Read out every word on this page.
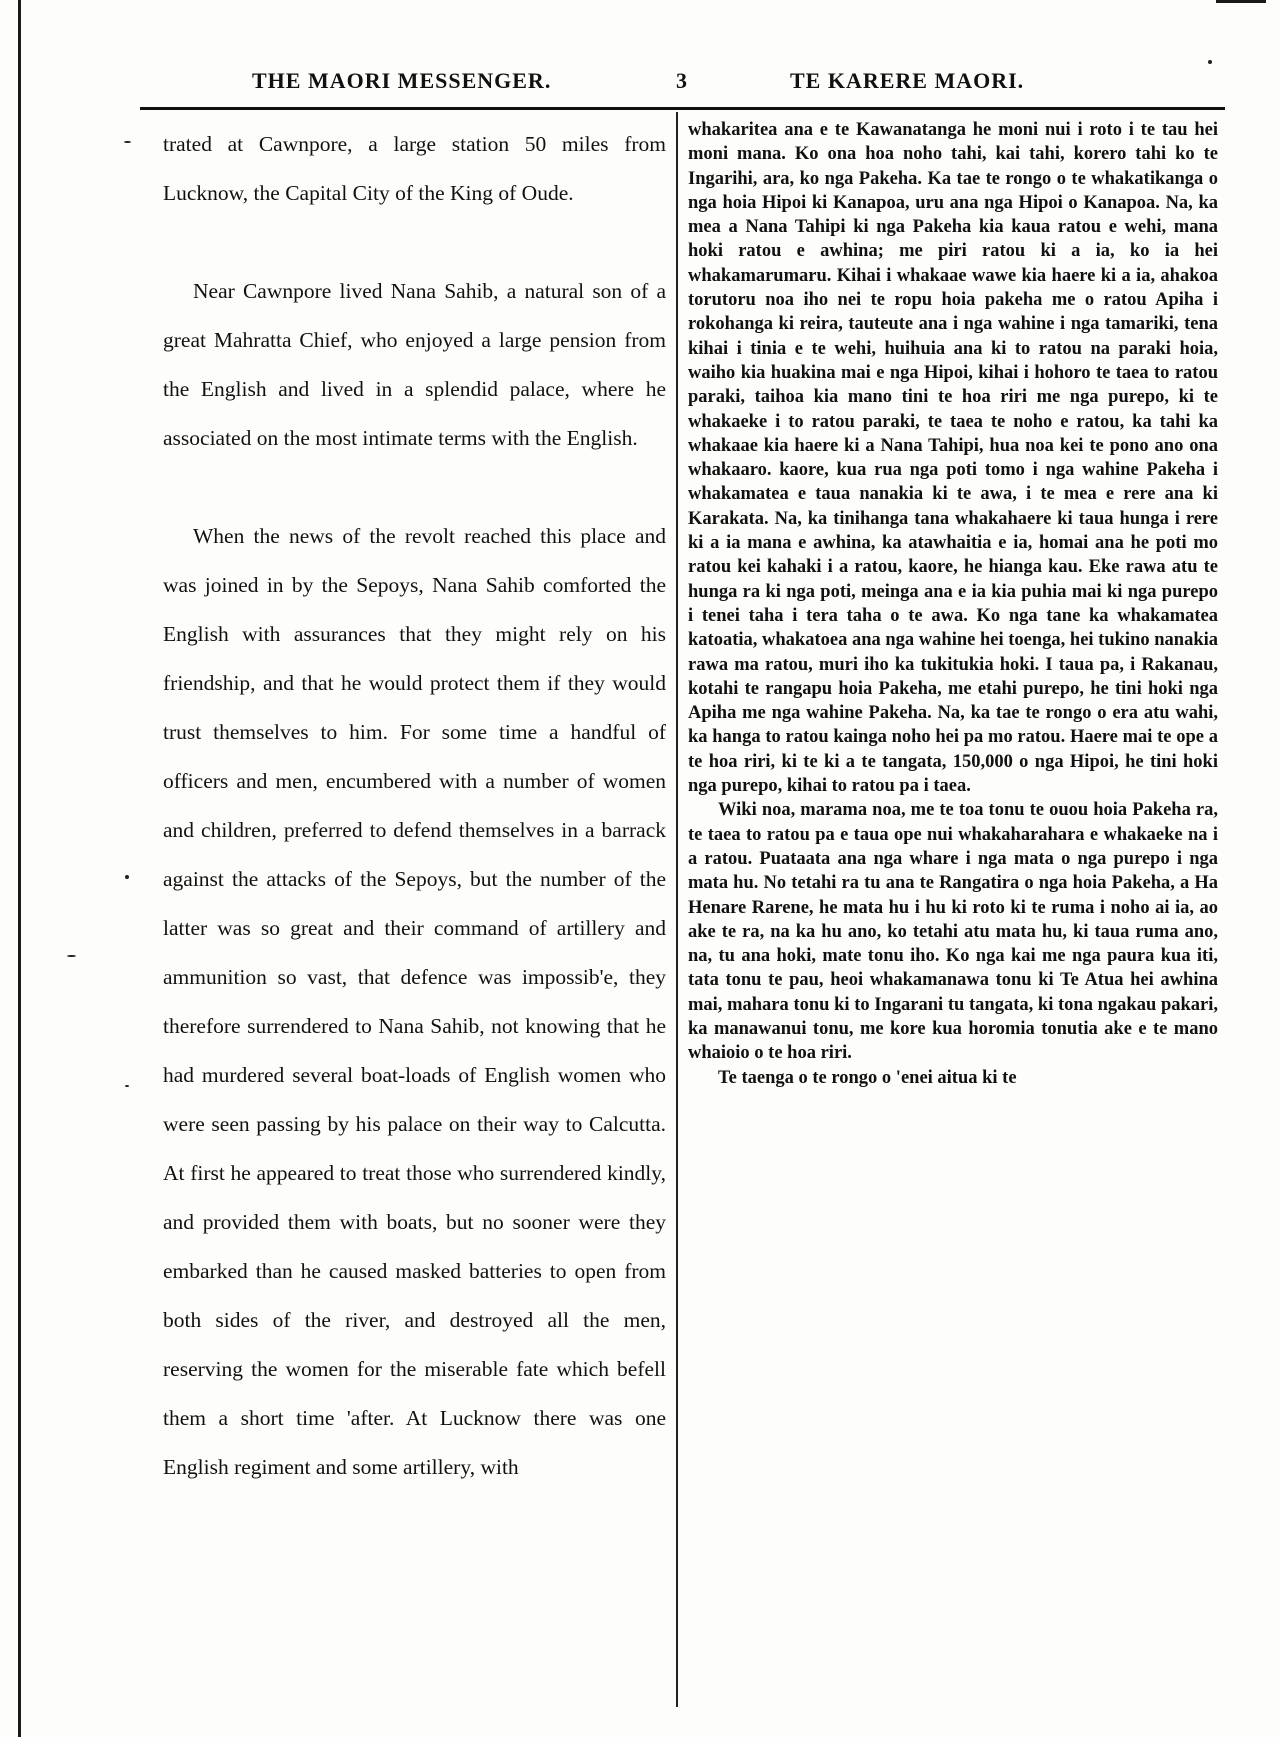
THE MAORI MESSENGER.	3	TE KARERE MAORI.

trated at Cawnpore, a large station 50 miles from Lucknow, the Capital City of the King of Oude.

Near Cawnpore lived Nana Sahib, a natural son of a great Mahratta Chief, who enjoyed a large pension from the English and lived in a splendid palace, where he associated on the most intimate terms with the English.

When the news of the revolt reached this place and was joined in by the Sepoys, Nana Sahib comforted the English with assurances that they might rely on his friendship, and that he would protect them if they would trust themselves to him. For some time a handful of officers and men, encumbered with a number of women and children, preferred to defend themselves in a barrack against the attacks of the Sepoys, but the number of the latter was so great and their command of artillery and ammunition so vast, that defence was impossib'e, they therefore surrendered to Nana Sahib, not knowing that he had murdered several boat-loads of English women who were seen passing by his palace on their way to Calcutta. At first he appeared to treat those who surrendered kindly, and provided them with boats, but no sooner were they embarked than he caused masked batteries to open from both sides of the river, and destroyed all the men, reserving the women for the miserable fate which befell them a short time 'after. At Lucknow there was one English regiment and some artillery, with

whakaritea ana e te Kawanatanga he moni nui i roto i te tau hei moni mana. Ko ona hoa noho tahi, kai tahi, korero tahi ko te Ingarihi, ara, ko nga Pakeha. Ka tae te rongo o te whakatikanga o nga hoia Hipoi ki Kanapoa, uru ana nga Hipoi o Kanapoa. Na, ka mea a Nana Tahipi ki nga Pakeha kia kaua ratou e wehi, mana hoki ratou e awhina; me piri ratou ki a ia, ko ia hei whakamarumaru. Kihai i whakaae wawe kia haere ki a ia, ahakoa torutoru noa iho nei te ropu hoia pakeha me o ratou Apiha i rokohanga ki reira, tauteute ana i nga wahine i nga tamariki, tena kihai i tinia e te wehi, huihuia ana ki to ratou na paraki hoia, waiho kia huakina mai e nga Hipoi, kihai i hohoro te taea to ratou paraki, taihoa kia mano tini te hoa riri me nga purepo, ki te whakaeke i to ratou paraki, te taea te noho e ratou, ka tahi ka whakaae kia haere ki a Nana Tahipi, hua noa kei te pono ano ona whakaaro. kaore, kua rua nga poti tomo i nga wahine Pakeha i whakamatea e taua nanakia ki te awa, i te mea e rere ana ki Karakata. Na, ka tinihanga tana whakahaere ki taua hunga i rere ki a ia mana e awhina, ka atawhaitia e ia, homai ana he poti mo ratou kei kahaki i a ratou, kaore, he hianga kau. Eke rawa atu te hunga ra ki nga poti, meinga ana e ia kia puhia mai ki nga purepo i tenei taha i tera taha o te awa. Ko nga tane ka whakamatea katoatia, whakatoea ana nga wahine hei toenga, hei tukino nanakia rawa ma ratou, muri iho ka tukitukia hoki. I taua pa, i Rakanau, kotahi te rangapu hoia Pakeha, me etahi purepo, he tini hoki nga Apiha me nga wahine Pakeha. Na, ka tae te rongo o era atu wahi, ka hanga to ratou kainga noho hei pa mo ratou. Haere mai te ope a te hoa riri, ki te ki a te tangata, 150,000 o nga Hipoi, he tini hoki nga purepo, kihai to ratou pa i taea.

Wiki noa, marama noa, me te toa tonu te ouou hoia Pakeha ra, te taea to ratou pa e taua ope nui whakaharahara e whakaeke na i a ratou. Puataata ana nga whare i nga mata o nga purepo i nga mata hu. No tetahi ra tu ana te Rangatira o nga hoia Pakeha, a Ha Henare Rarene, he mata hu i hu ki roto ki te ruma i noho ai ia, ao ake te ra, na ka hu ano, ko tetahi atu mata hu, ki taua ruma ano, na, tu ana hoki, mate tonu iho. Ko nga kai me nga paura kua iti, tata tonu te pau, heoi whakamanawa tonu ki Te Atua hei awhina mai, mahara tonu ki to Ingarani tu tangata, ki tona ngakau pakari, ka manawanui tonu, me kore kua horomia tonutia ake e te mano whaioio o te hoa riri.

Te taenga o te rongo o 'enei aitua ki te
